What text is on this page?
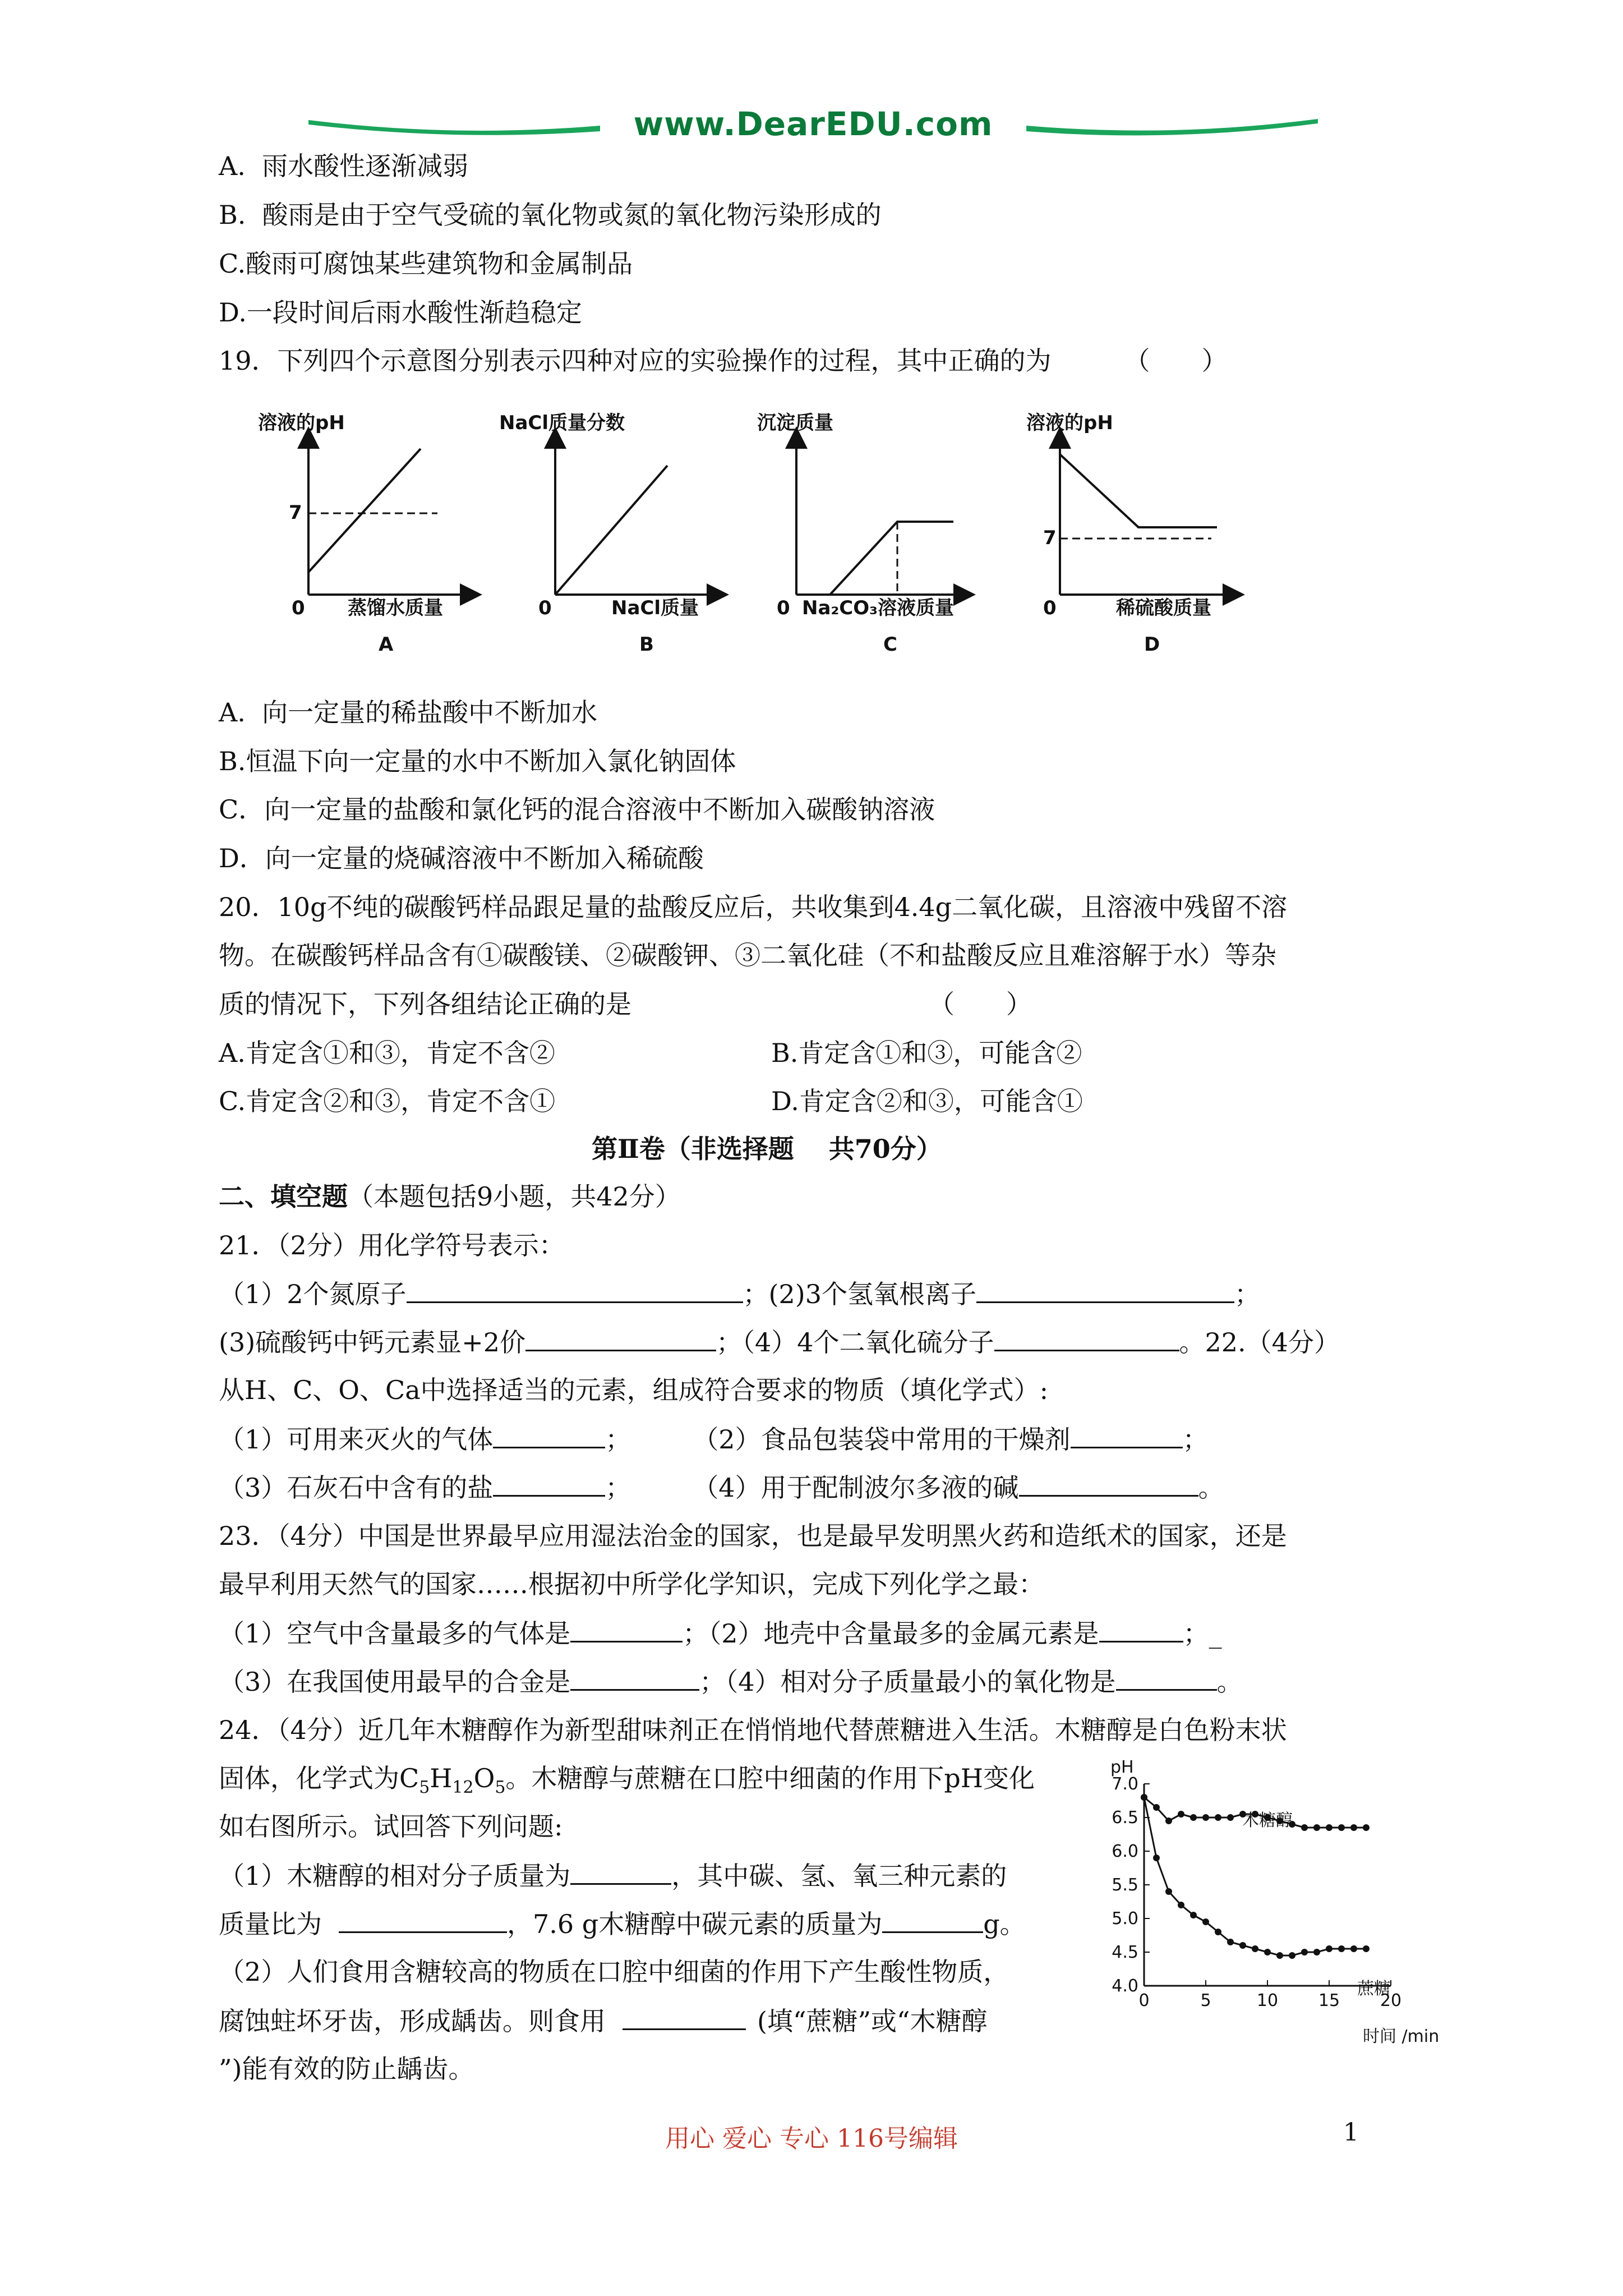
www.DearEDU.com
A.  雨水酸性逐渐减弱
B.  酸雨是由于空气受硫的氧化物或氮的氧化物污染形成的
C.酸雨可腐蚀某些建筑物和金属制品
D.一段时间后雨水酸性渐趋稳定
19．下列四个示意图分别表示四种对应的实验操作的过程，其中正确的为	（　　）
溶液的pH
7
0 蒸馏水质量
A
NaCl质量分数
0	NaCl质量
B
沉淀质量
0 Na₂CO₃溶液质量
C
溶液的pH
7
0	稀硫酸质量
D
A.  向一定量的稀盐酸中不断加水
B.恒温下向一定量的水中不断加入氯化钠固体
C．向一定量的盐酸和氯化钙的混合溶液中不断加入碳酸钠溶液
D．向一定量的烧碱溶液中不断加入稀硫酸
20．10g不纯的碳酸钙样品跟足量的盐酸反应后，共收集到4.4g二氧化碳，且溶液中残留不溶
物。在碳酸钙样品含有①碳酸镁、②碳酸钾、③二氧化硅（不和盐酸反应且难溶解于水）等杂
质的情况下，下列各组结论正确的是	（　　）
A.肯定含①和③，肯定不含②	B.肯定含①和③，可能含②
C.肯定含②和③，肯定不含①	D.肯定含②和③，可能含①
第Ⅱ卷（非选择题　 共70分）
二、填空题（本题包括9小题，共42分）
21．（2分）用化学符号表示：
（1）2个氮原子	；(2)3个氢氧根离子	；
(3)硫酸钙中钙元素显+2价	；（4）4个二氧化硫分子	。22.（4分）
从H、C、O、Ca中选择适当的元素，组成符合要求的物质（填化学式）:
（1）可用来灭火的气体	； （2）食品包装袋中常用的干燥剂	；
（3）石灰石中含有的盐	； （4）用于配制波尔多液的碱	。
23．（4分）中国是世界最早应用湿法治金的国家，也是最早发明黑火药和造纸术的国家，还是
最早利用天然气的国家……根据初中所学化学知识，完成下列化学之最：
（1）空气中含量最多的气体是	；（2）地壳中含量最多的金属元素是	；_
（3）在我国使用最早的合金是	；（4）相对分子质量最小的氧化物是	。
24．（4分）近几年木糖醇作为新型甜味剂正在悄悄地代替蔗糖进入生活。木糖醇是白色粉末状
固体，化学式为$C_5H_{12}O_5$。木糖醇与蔗糖在口腔中细菌的作用下pH变化
如右图所示。试回答下列问题:
（1）木糖醇的相对分子质量为	，其中碳、氢、氧三种元素的
质量比为	，7.6 g木糖醇中碳元素的质量为	g。
（2）人们食用含糖较高的物质在口腔中细菌的作用下产生酸性物质，
腐蚀蛀坏牙齿，形成龋齿。则食用	(填“蔗糖”或“木糖醇
”)能有效的防止龋齿。
4.0
4.5
5.0
5.5
6.0
6.5
7.0
0	5	10 15 20
pH
时间 /min
木糖醇
蔗糖
用心 爱心 专心 116号编辑	1
